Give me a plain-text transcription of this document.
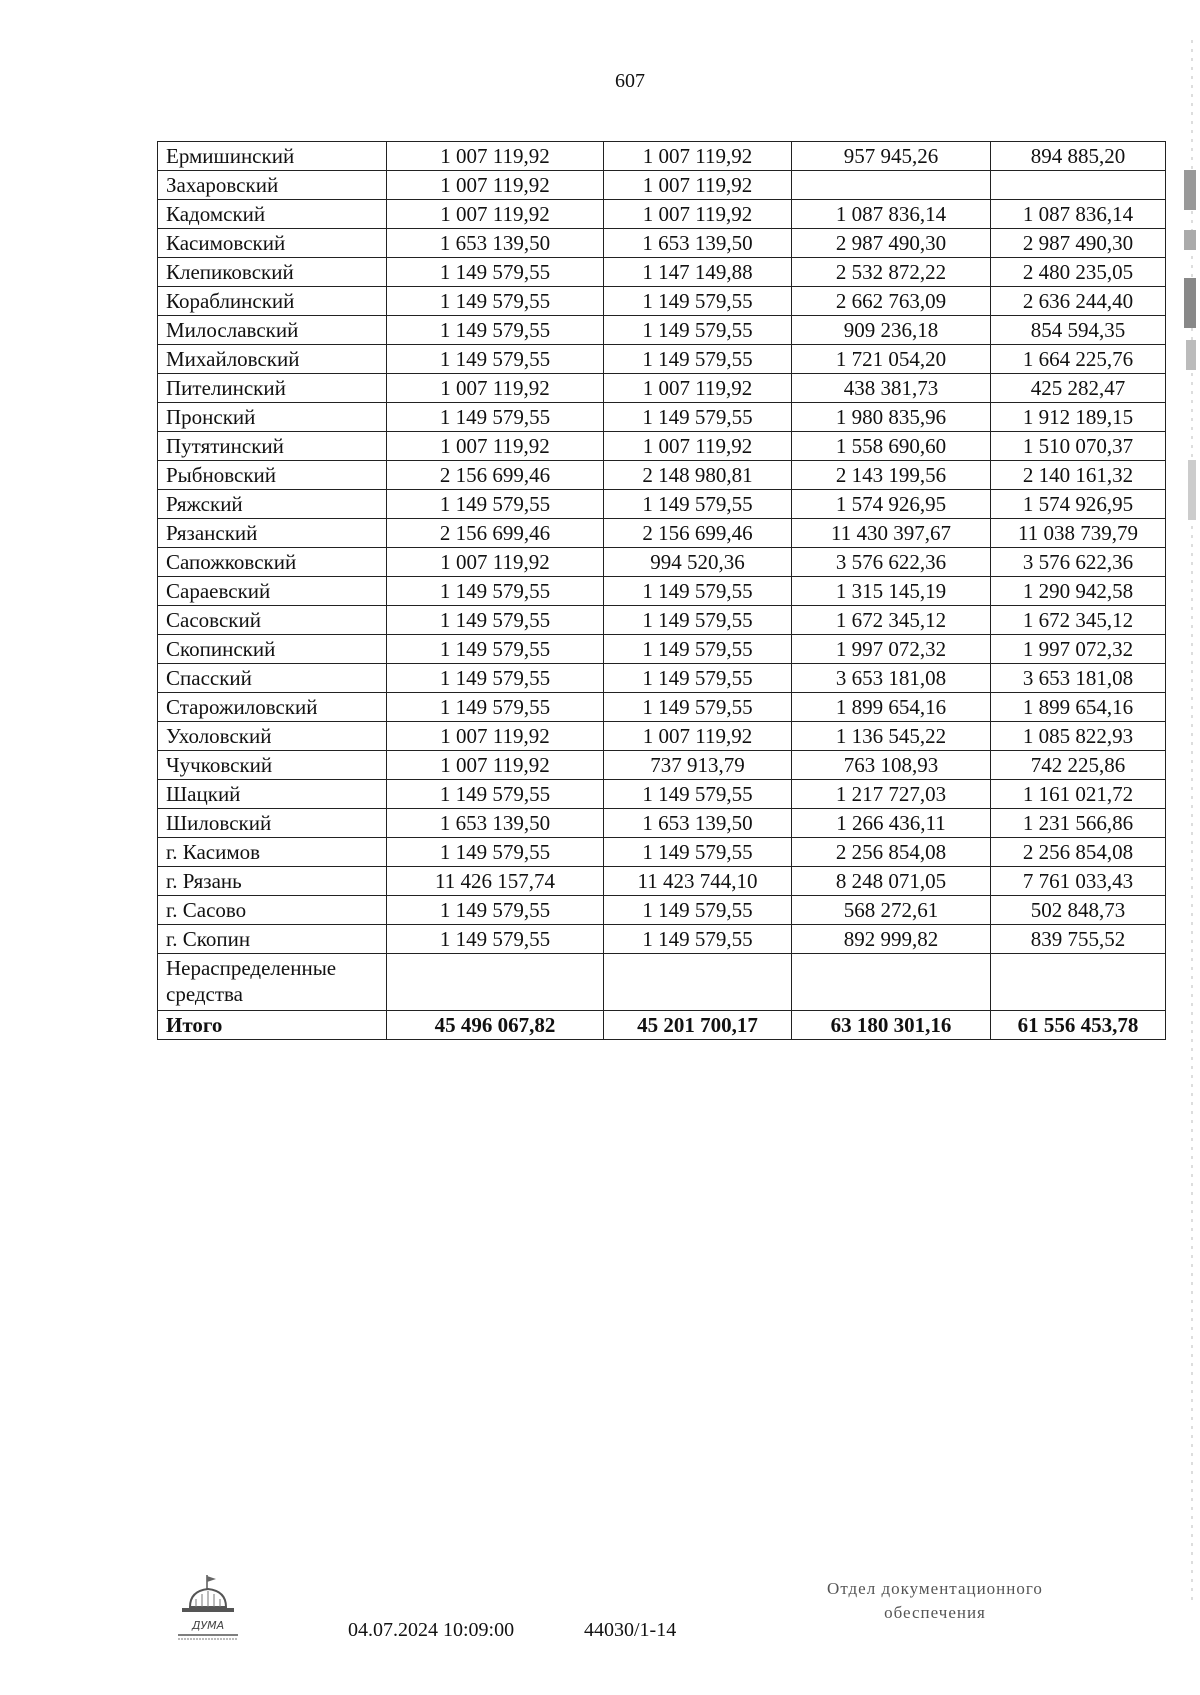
607
Ермишинский	1 007 119,92	1 007 119,92	957 945,26	894 885,20
Захаровский	1 007 119,92	1 007 119,92		
Кадомский	1 007 119,92	1 007 119,92	1 087 836,14	1 087 836,14
Касимовский	1 653 139,50	1 653 139,50	2 987 490,30	2 987 490,30
Клепиковский	1 149 579,55	1 147 149,88	2 532 872,22	2 480 235,05
Кораблинский	1 149 579,55	1 149 579,55	2 662 763,09	2 636 244,40
Милославский	1 149 579,55	1 149 579,55	909 236,18	854 594,35
Михайловский	1 149 579,55	1 149 579,55	1 721 054,20	1 664 225,76
Пителинский	1 007 119,92	1 007 119,92	438 381,73	425 282,47
Пронский	1 149 579,55	1 149 579,55	1 980 835,96	1 912 189,15
Путятинский	1 007 119,92	1 007 119,92	1 558 690,60	1 510 070,37
Рыбновский	2 156 699,46	2 148 980,81	2 143 199,56	2 140 161,32
Ряжский	1 149 579,55	1 149 579,55	1 574 926,95	1 574 926,95
Рязанский	2 156 699,46	2 156 699,46	11 430 397,67	11 038 739,79
Сапожковский	1 007 119,92	994 520,36	3 576 622,36	3 576 622,36
Сараевский	1 149 579,55	1 149 579,55	1 315 145,19	1 290 942,58
Сасовский	1 149 579,55	1 149 579,55	1 672 345,12	1 672 345,12
Скопинский	1 149 579,55	1 149 579,55	1 997 072,32	1 997 072,32
Спасский	1 149 579,55	1 149 579,55	3 653 181,08	3 653 181,08
Старожиловский	1 149 579,55	1 149 579,55	1 899 654,16	1 899 654,16
Ухоловский	1 007 119,92	1 007 119,92	1 136 545,22	1 085 822,93
Чучковский	1 007 119,92	737 913,79	763 108,93	742 225,86
Шацкий	1 149 579,55	1 149 579,55	1 217 727,03	1 161 021,72
Шиловский	1 653 139,50	1 653 139,50	1 266 436,11	1 231 566,86
г. Касимов	1 149 579,55	1 149 579,55	2 256 854,08	2 256 854,08
г. Рязань	11 426 157,74	11 423 744,10	8 248 071,05	7 761 033,43
г. Сасово	1 149 579,55	1 149 579,55	568 272,61	502 848,73
г. Скопин	1 149 579,55	1 149 579,55	892 999,82	839 755,52
Нераспределенные средства				
Итого	45 496 067,82	45 201 700,17	63 180 301,16	61 556 453,78
ДУМА	04.07.2024 10:09:00	44030/1-14
Отдел документационного
обеспечения
